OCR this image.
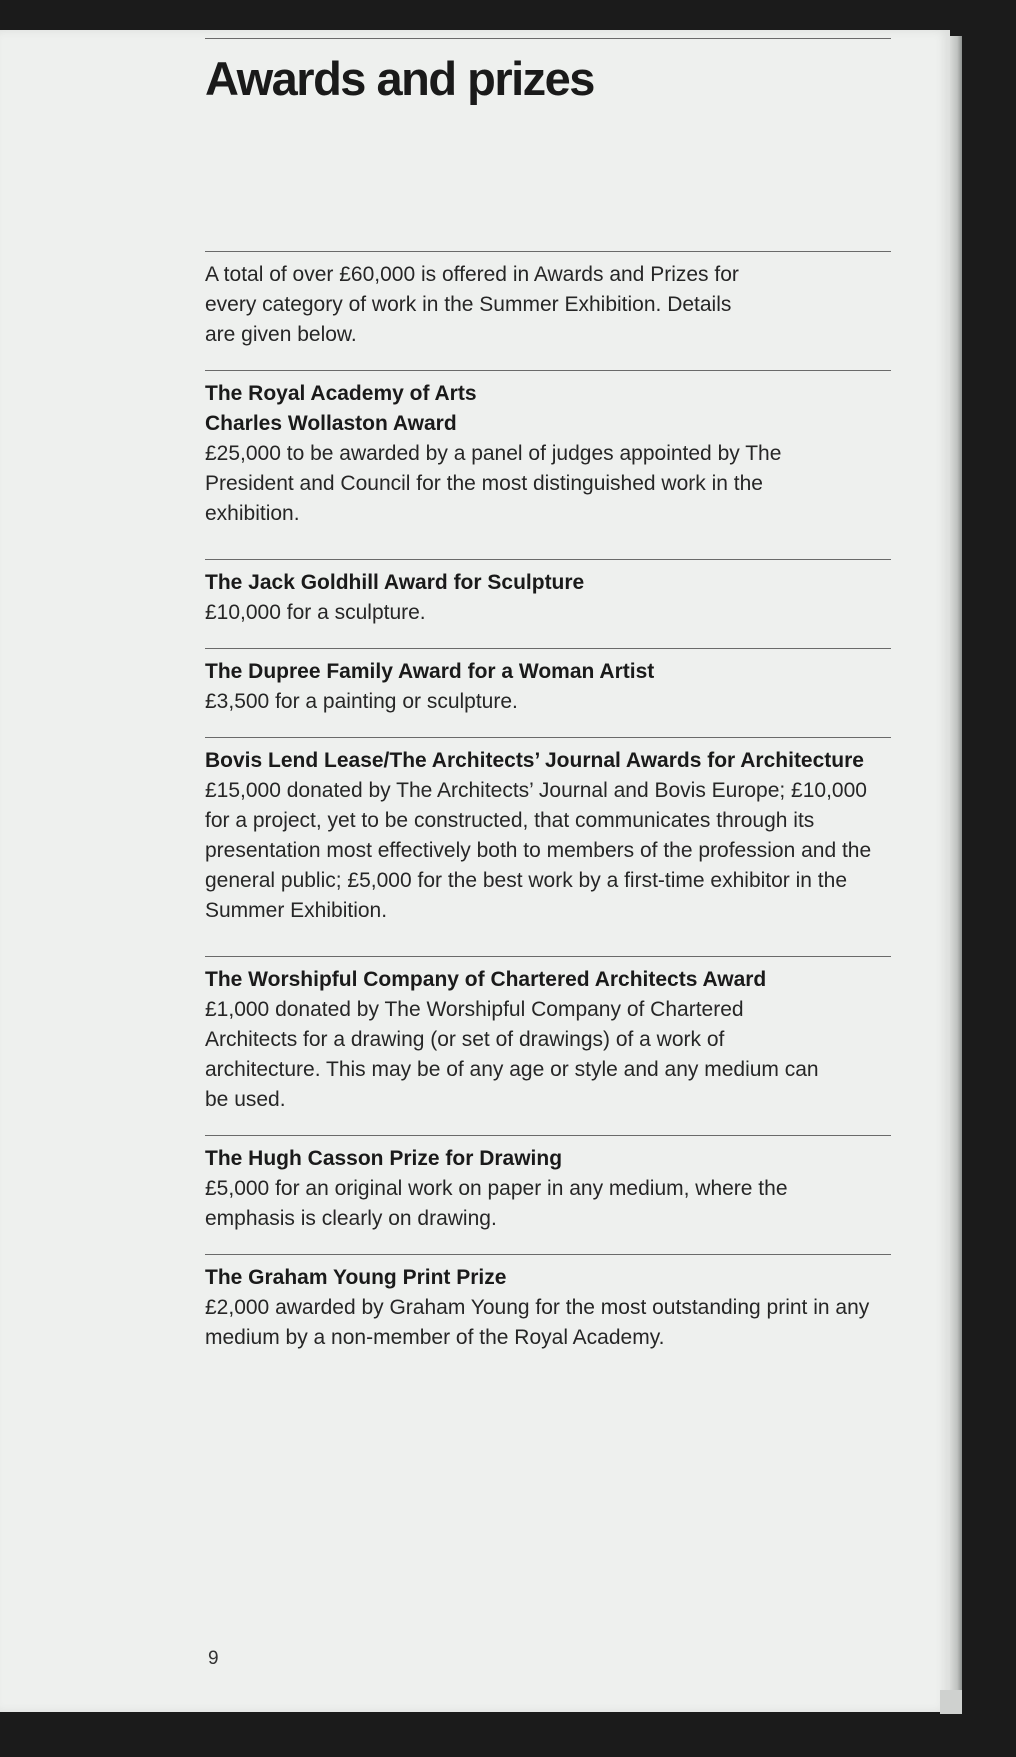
Awards and prizes

A total of over £60,000 is offered in Awards and Prizes for every category of work in the Summer Exhibition. Details are given below.

The Royal Academy of Arts

Charles Wollaston Award

£25,000 to be awarded by a panel of judges appointed by The President and Council for the most distinguished work in the exhibition.

The Jack Goldhill Award for Sculpture

£10,000 for a sculpture.

The Dupree Family Award for a Woman Artist

£3,500 for a painting or sculpture.

Bovis Lend Lease/The Architects’ Journal Awards for Architecture

£15,000 donated by The Architects’ Journal and Bovis Europe; £10,000 for a project, yet to be constructed, that communicates through its presentation most effectively both to members of the profession and the general public; £5,000 for the best work by a first-time exhibitor in the Summer Exhibition.

The Worshipful Company of Chartered Architects Award

£1,000 donated by The Worshipful Company of Chartered Architects for a drawing (or set of drawings) of a work of architecture. This may be of any age or style and any medium can be used.

The Hugh Casson Prize for Drawing

£5,000 for an original work on paper in any medium, where the emphasis is clearly on drawing.

The Graham Young Print Prize

£2,000 awarded by Graham Young for the most outstanding print in any medium by a non-member of the Royal Academy.

9
